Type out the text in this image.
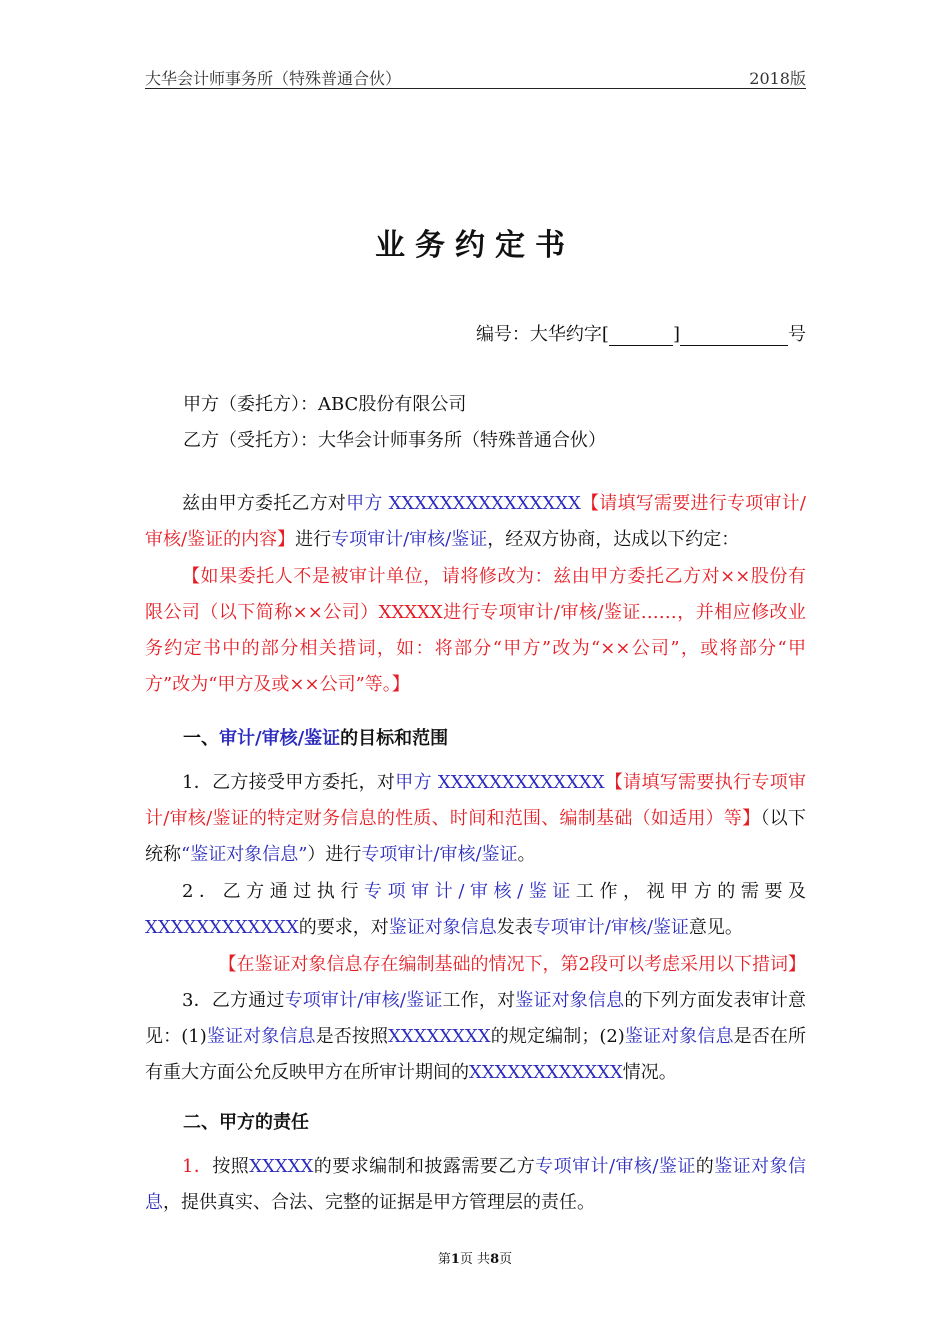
大华会计师事务所（特殊普通合伙）	2018版
业务约定书
编号：大华约字[	]	号
甲方（委托方）：ABC股份有限公司
乙方（受托方）：大华会计师事务所（特殊普通合伙）
兹由甲方委托乙方对甲方 XXXXXXXXXXXXXXX【请填写需要进行专项审计/审核/鉴证的内容】进行专项审计/审核/鉴证，经双方协商，达成以下约定：
【如果委托人不是被审计单位，请将修改为：兹由甲方委托乙方对××股份有限公司（以下简称××公司）XXXXX进行专项审计/审核/鉴证……，并相应修改业务约定书中的部分相关措词，如：将部分“甲方”改为“××公司”，或将部分“甲方”改为“甲方及或××公司”等。】
一、审计/审核/鉴证的目标和范围
1．乙方接受甲方委托，对甲方 XXXXXXXXXXXXX【请填写需要执行专项审计/审核/鉴证的特定财务信息的性质、时间和范围、编制基础（如适用）等】（以下统称“鉴证对象信息”）进行专项审计/审核/鉴证。
2．乙方通过执行专项审计/审核/鉴证工作，视甲方的需要及XXXXXXXXXXXX的要求，对鉴证对象信息发表专项审计/审核/鉴证意见。
【在鉴证对象信息存在编制基础的情况下，第2段可以考虑采用以下措词】
3．乙方通过专项审计/审核/鉴证工作，对鉴证对象信息的下列方面发表审计意见：(1)鉴证对象信息是否按照XXXXXXXX的规定编制；(2)鉴证对象信息是否在所有重大方面公允反映甲方在所审计期间的XXXXXXXXXXXX情况。
二、甲方的责任
1．按照XXXXX的要求编制和披露需要乙方专项审计/审核/鉴证的鉴证对象信息，提供真实、合法、完整的证据是甲方管理层的责任。
第1页 共8页
